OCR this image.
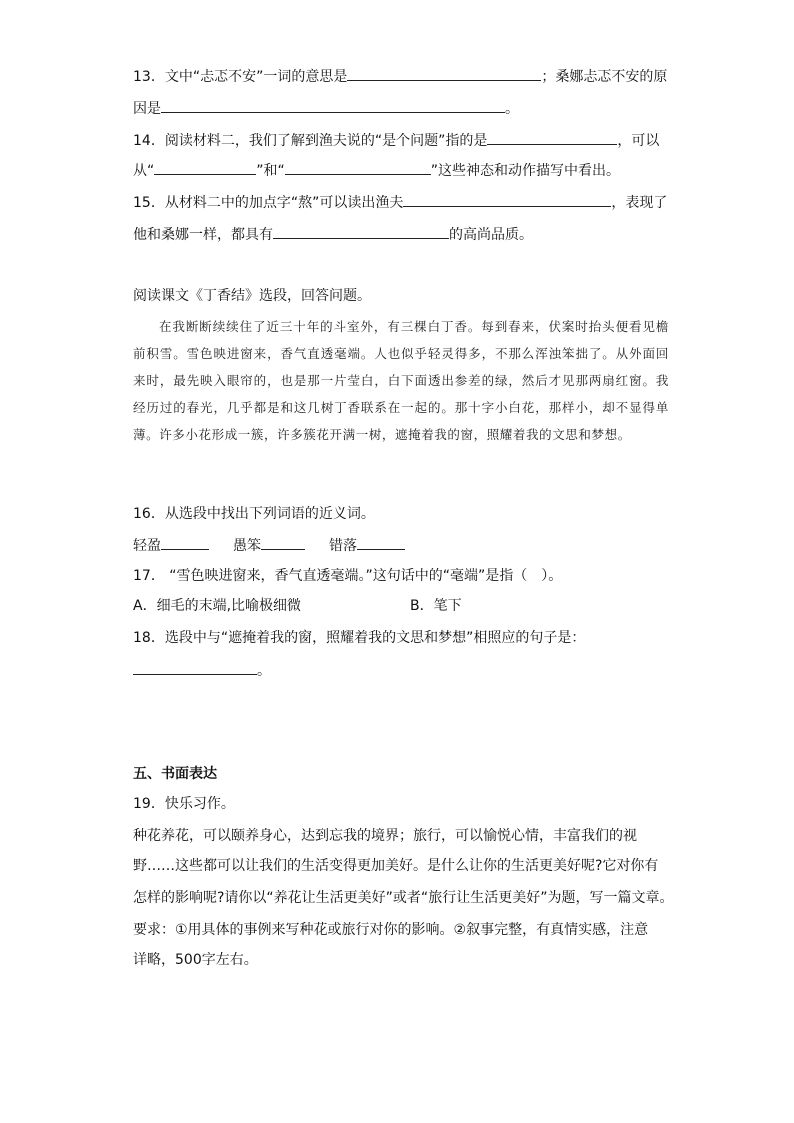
13．文中“忐忑不安”一词的意思是	；桑娜忐忑不安的原
因是	。
14．阅读材料二，我们了解到渔夫说的“是个问题”指的是	，可以
从“	”和“	”这些神态和动作描写中看出。
15．从材料二中的加点字“熬”可以读出渔夫	，表现了
他和桑娜一样，都具有	的高尚品质。
阅读课文《丁香结》选段，回答问题。

在我断断续续住了近三十年的斗室外，有三棵白丁香。每到春来，伏案时抬头便看见檐前积雪。雪色映进窗来，香气直透毫端。人也似乎轻灵得多，不那么浑浊笨拙了。从外面回来时，最先映入眼帘的，也是那一片莹白，白下面透出参差的绿，然后才见那两扇红窗。我经历过的春光，几乎都是和这几树丁香联系在一起的。那十字小白花，那样小，却不显得单薄。许多小花形成一簇，许多簇花开满一树，遮掩着我的窗，照耀着我的文思和梦想。

16．从选段中找出下列词语的近义词。
轻盈	愚笨	错落
17． “雪色映进窗来，香气直透毫端。”这句话中的“毫端”是指（　）。
A．细毛的末端,比喻极细微	B．笔下
18．选段中与“遮掩着我的窗，照耀着我的文思和梦想”相照应的句子是：
。
五、书面表达
19．快乐习作。
种花养花，可以颐养身心，达到忘我的境界；旅行，可以愉悦心情，丰富我们的视
野……这些都可以让我们的生活变得更加美好。是什么让你的生活更美好呢?它对你有
怎样的影响呢?请你以“养花让生活更美好”或者“旅行让生活更美好”为题，写一篇文章。
要求：①用具体的事例来写种花或旅行对你的影响。②叙事完整，有真情实感，注意
详略，500字左右。
